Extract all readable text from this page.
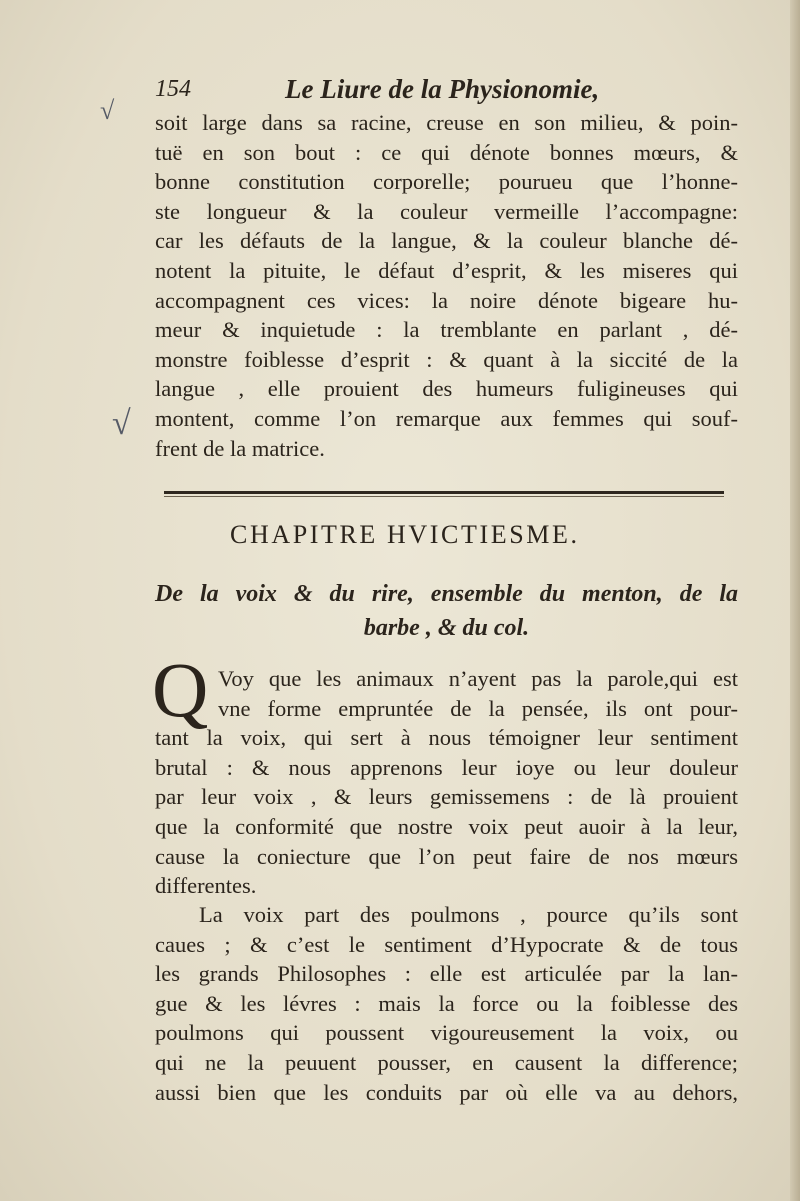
√
√
154	Le Liure de la Physionomie,
soit large dans sa racine, creuse en son milieu, & poin-
tuë en son bout : ce qui dénote bonnes mœurs, &
bonne constitution corporelle; pourueu que l’honne-
ste longueur & la couleur vermeille l’accompagne:
car les défauts de la langue, & la couleur blanche dé-
notent la pituite, le défaut d’esprit, & les miseres qui
accompagnent ces vices: la noire dénote bigeare hu-
meur & inquietude : la tremblante en parlant , dé-
monstre foiblesse d’esprit : & quant à la siccité de la
langue , elle prouient des humeurs fuligineuses qui
montent, comme l’on remarque aux femmes qui souf-
frent de la matrice.
CHAPITRE HVICTIESME.
De la voix & du rire, ensemble du menton, de la
barbe , & du col.
Q Voy que les animaux n’ayent pas la parole,qui est
vne forme empruntée de la pensée, ils ont pour-
tant la voix, qui sert à nous témoigner leur sentiment
brutal : & nous apprenons leur ioye ou leur douleur
par leur voix , & leurs gemissemens : de là prouient
que la conformité que nostre voix peut auoir à la leur,
cause la coniecture que l’on peut faire de nos mœurs
differentes.
La voix part des poulmons , pource qu’ils sont
caues ; & c’est le sentiment d’Hypocrate & de tous
les grands Philosophes : elle est articulée par la lan-
gue & les lévres : mais la force ou la foiblesse des
poulmons qui poussent vigoureusement la voix, ou
qui ne la peuuent pousser, en causent la difference;
aussi bien que les conduits par où elle va au dehors,
